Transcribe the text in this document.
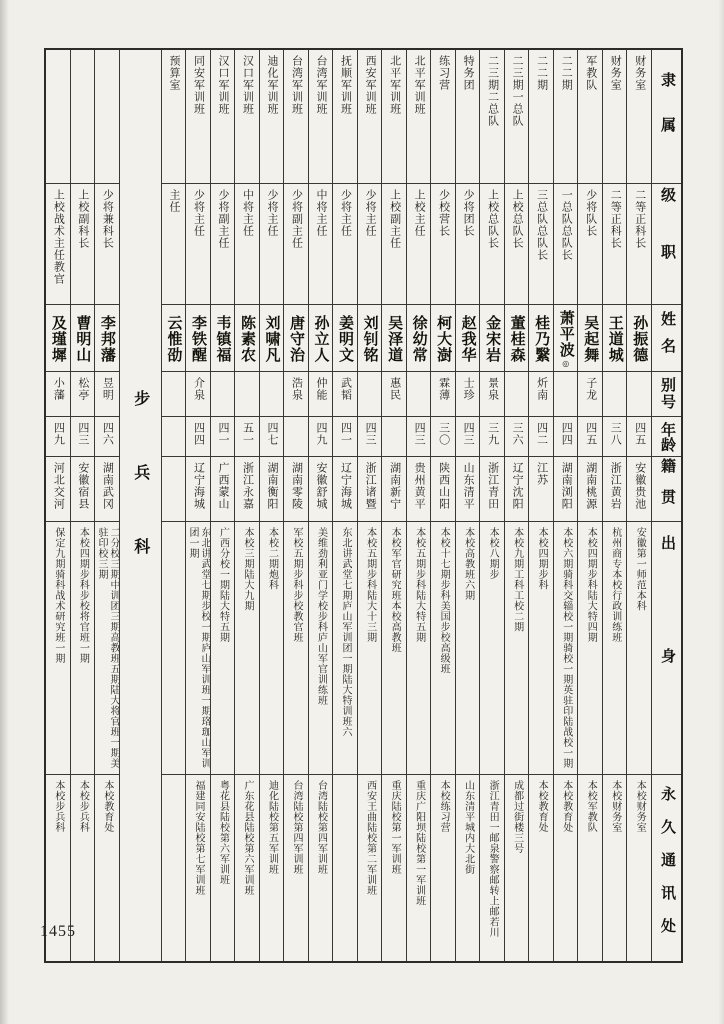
隶属
级职
姓名
别号
年龄
籍贯
出身
永久通讯处
财务室
二等正科长
孙振德
四五
安徽贵池
安徽第一师范本科
本校财务室
财务室
二等正科长
王道城
三八
浙江黄岩
杭州商专本校行政训练班
本校财务室
军教队
少将队长
吴起舞
子龙
四五
湖南桃源
本校四期步科陆大特四期
本校军教队
二二期
一总队总队长
萧平波
◎
四四
湖南浏阳
本校六期骑科交辎校一期骑校一期英驻印陆战校一期
本校教育处
二二期
三总队总队长
桂乃繄
炘南
四二
江苏
本校四期步科
本校教育处
二三期一总队
上校总队长
董桂森
三六
辽宁沈阳
本校九期工科工校二期
成都过街楼三号
二三期二总队
上校总队长
金宋岩
景泉
三九
浙江青田
本校八期步
浙江青田一邮泉警察邮转上邮若川
特务团
少将团长
赵我华
士珍
四三
山东清平
本校高教班六期
山东清平城内大北街
练习营
少校营长
柯大澍
霖薄
三〇
陕西山阳
本校十七期步科美国步校高级班
本校练习营
北平军训班
上校主任
徐幼常
四三
贵州黄平
本校五期步科陆大特五期
重庆广阳坝陆校第一军训班
北平军训班
上校副主任
吴泽道
惠民
湖南新宁
本校军官研究班本校高教班
重庆陆校第一军训班
西安军训班
少将主任
刘钊铭
四三
浙江诸暨
本校五期步科陆大十三期
西安王曲陆校第二军训班
抚顺军训班
少将主任
姜明文
武韬
四一
辽宁海城
东北讲武堂七期庐山军训团一期陆大特训班六
台湾军训班
中将主任
孙立人
仲能
四九
安徽舒城
美维劲利亚门学校步科庐山军官训练班
台湾陆校第四军训班
台湾军训班
少将副主任
唐守治
浩泉
湖南零陵
军校五期步科步校教官班
台湾陆校第四军训班
迪化军训班
少将主任
刘啸凡
四七
湖南衡阳
本校二期炮科
迪化陆校第五军训班
汉口军训班
中将主任
陈素农
五一
浙江永嘉
本校三期陆大九期
广东花县陆校第六军训班
汉口军训班
少将副主任
韦镇福
四一
广西蒙山
广西分校一期陆大特五期
粤花县陆校第六军训班
同安军训班
少将主任
李铁醒
介泉
四四
辽宁海城
东北讲武堂七期步校一期庐山军训班一期珞珈山军训团一期
福建同安陆校第七军训班
预算室
主任
云惟劭
步兵科
少将兼科长
李邦藩
昱明
四六
湖南武冈
二分校三期中训团三期高教班五期陆大将官班一期美驻印校三期
本校教育处
上校副科长
曹明山
松亭
四三
安徽宿县
本校四期步科步校将官班一期
本校步兵科
上校战术主任教官
及瑾墀
小藩
四九
河北交河
保定九期骑科战术研究班一期
本校步兵科
1455
